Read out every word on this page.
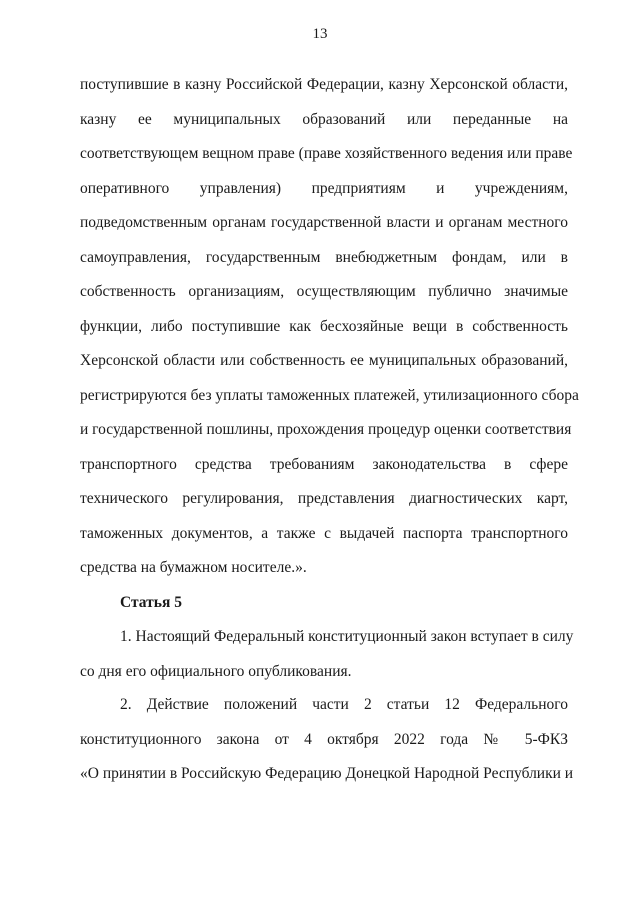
13
поступившие в казну Российской Федерации, казну Херсонской области,
казну ее муниципальных образований или переданные на
соответствующем вещном праве (праве хозяйственного ведения или праве
оперативного управления) предприятиям и учреждениям,
подведомственным органам государственной власти и органам местного
самоуправления, государственным внебюджетным фондам, или в
собственность организациям, осуществляющим публично значимые
функции, либо поступившие как бесхозяйные вещи в собственность
Херсонской области или собственность ее муниципальных образований,
регистрируются без уплаты таможенных платежей, утилизационного сбора
и государственной пошлины, прохождения процедур оценки соответствия
транспортного средства требованиям законодательства в сфере
технического регулирования, представления диагностических карт,
таможенных документов, а также с выдачей паспорта транспортного
средства на бумажном носителе.».
Статья 5
1. Настоящий Федеральный конституционный закон вступает в силу
со дня его официального опубликования.
2. Действие положений части 2 статьи 12 Федерального
конституционного закона от 4 октября 2022 года № 5-ФКЗ
«О принятии в Российскую Федерацию Донецкой Народной Республики и
